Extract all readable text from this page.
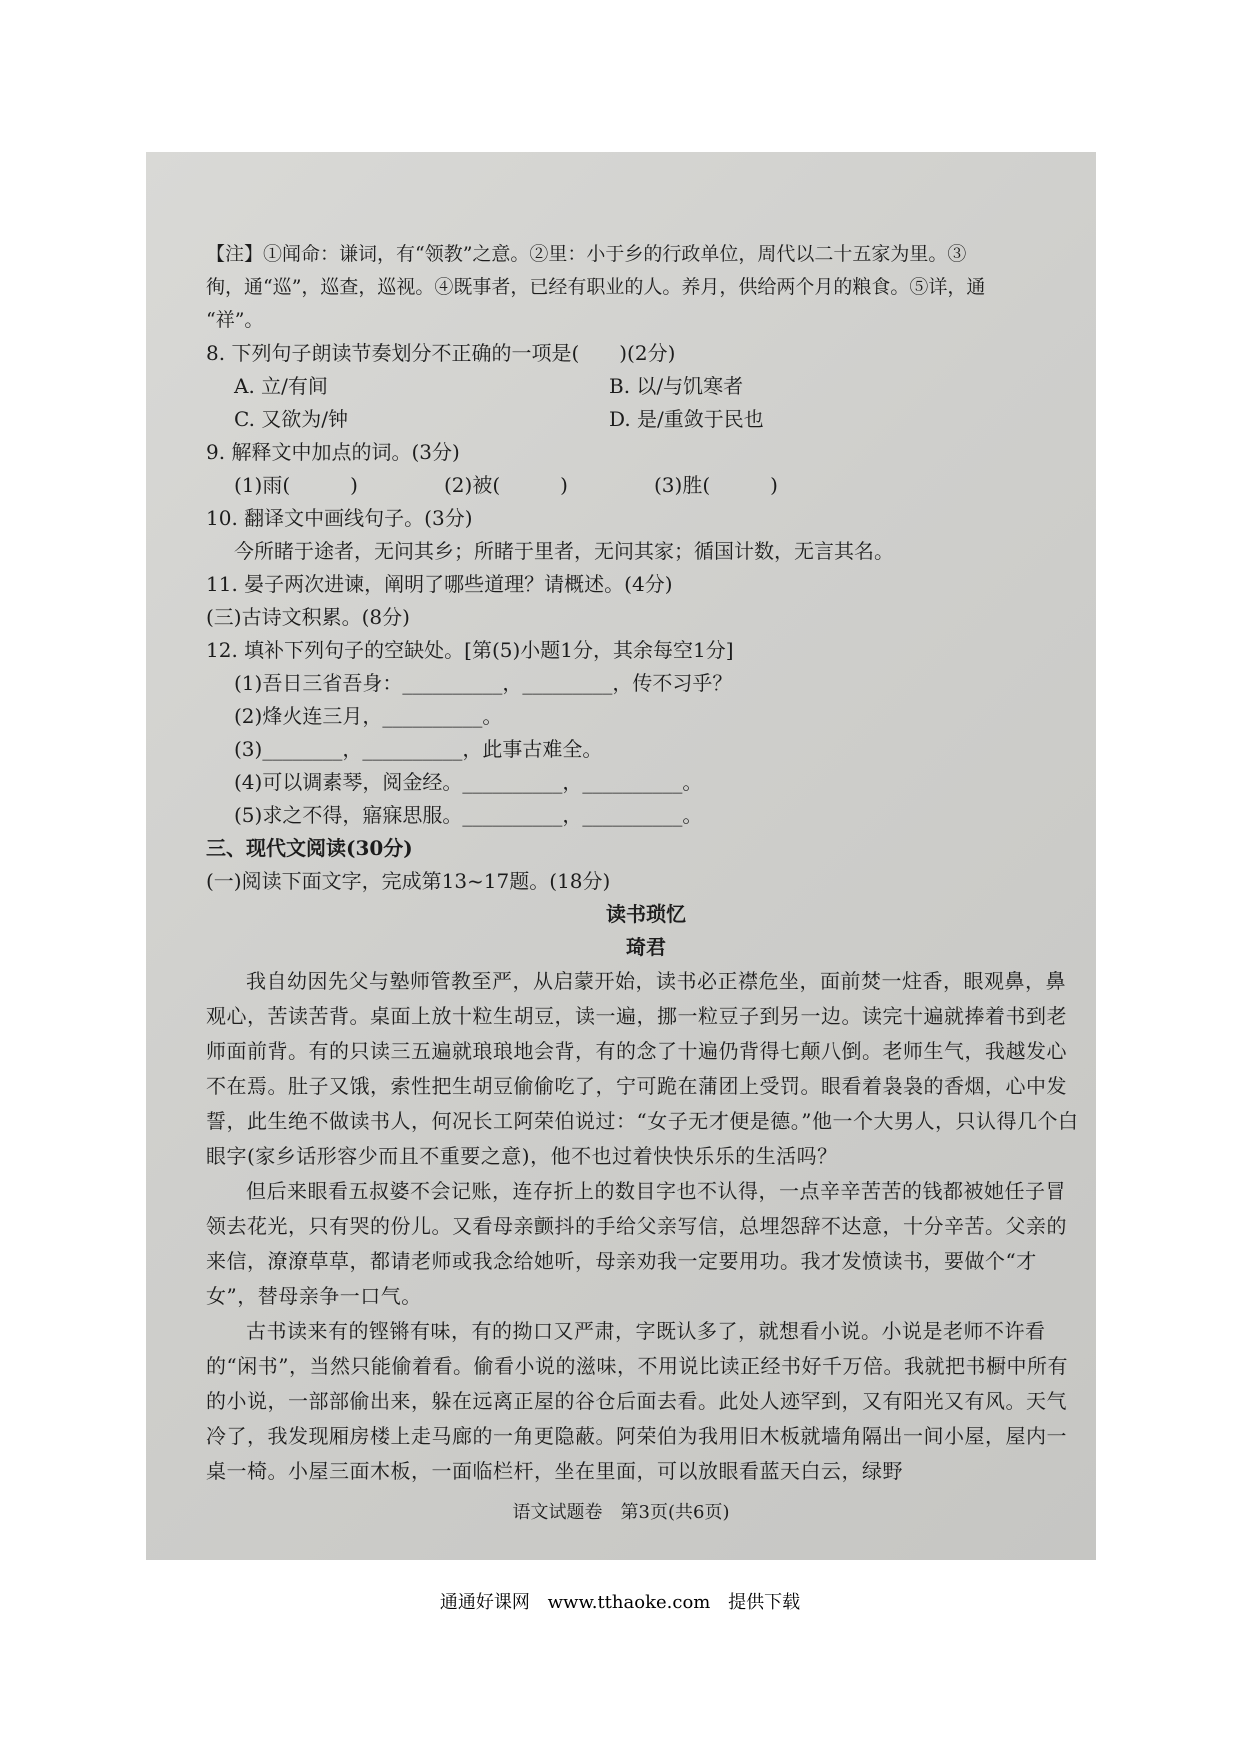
【注】①闻命：谦词，有“领教”之意。②里：小于乡的行政单位，周代以二十五家为里。③
徇，通“巡”，巡查，巡视。④既事者，已经有职业的人。养月，供给两个月的粮食。⑤详，通
“祥”。
8. 下列句子朗读节奏划分不正确的一项是(　　)(2分)
A. 立/有间	B. 以/与饥寒者
C. 又欲为/钟	D. 是/重敛于民也
9. 解释文中加点的词。(3分)
(1)雨(　　　)	(2)被(　　　)	(3)胜(　　　)
10. 翻译文中画线句子。(3分)
今所睹于途者，无问其乡；所睹于里者，无问其家；循国计数，无言其名。
11. 晏子两次进谏，阐明了哪些道理？请概述。(4分)
(三)古诗文积累。(8分)
12. 填补下列句子的空缺处。[第(5)小题1分，其余每空1分]
(1)吾日三省吾身：__________，_________，传不习乎？
(2)烽火连三月，__________。
(3)________，__________，此事古难全。
(4)可以调素琴，阅金经。__________，__________。
(5)求之不得，寤寐思服。__________，__________。
三、现代文阅读(30分)
(一)阅读下面文字，完成第13~17题。(18分)
读书琐忆
琦君
我自幼因先父与塾师管教至严，从启蒙开始，读书必正襟危坐，面前焚一炷香，眼观鼻，鼻观心，苦读苦背。桌面上放十粒生胡豆，读一遍，挪一粒豆子到另一边。读完十遍就捧着书到老师面前背。有的只读三五遍就琅琅地会背，有的念了十遍仍背得七颠八倒。老师生气，我越发心不在焉。肚子又饿，索性把生胡豆偷偷吃了，宁可跪在蒲团上受罚。眼看着袅袅的香烟，心中发誓，此生绝不做读书人，何况长工阿荣伯说过：“女子无才便是德。”他一个大男人，只认得几个白眼字(家乡话形容少而且不重要之意)，他不也过着快快乐乐的生活吗？
但后来眼看五叔婆不会记账，连存折上的数目字也不认得，一点辛辛苦苦的钱都被她任子冒领去花光，只有哭的份儿。又看母亲颤抖的手给父亲写信，总埋怨辞不达意，十分辛苦。父亲的来信，潦潦草草，都请老师或我念给她听，母亲劝我一定要用功。我才发愤读书，要做个“才女”，替母亲争一口气。
古书读来有的铿锵有味，有的拗口又严肃，字既认多了，就想看小说。小说是老师不许看的“闲书”，当然只能偷着看。偷看小说的滋味，不用说比读正经书好千万倍。我就把书橱中所有的小说，一部部偷出来，躲在远离正屋的谷仓后面去看。此处人迹罕到，又有阳光又有风。天气冷了，我发现厢房楼上走马廊的一角更隐蔽。阿荣伯为我用旧木板就墙角隔出一间小屋，屋内一桌一椅。小屋三面木板，一面临栏杆，坐在里面，可以放眼看蓝天白云，绿野
语文试题卷　第3页(共6页)
通通好课网 www.tthaoke.com 提供下载
